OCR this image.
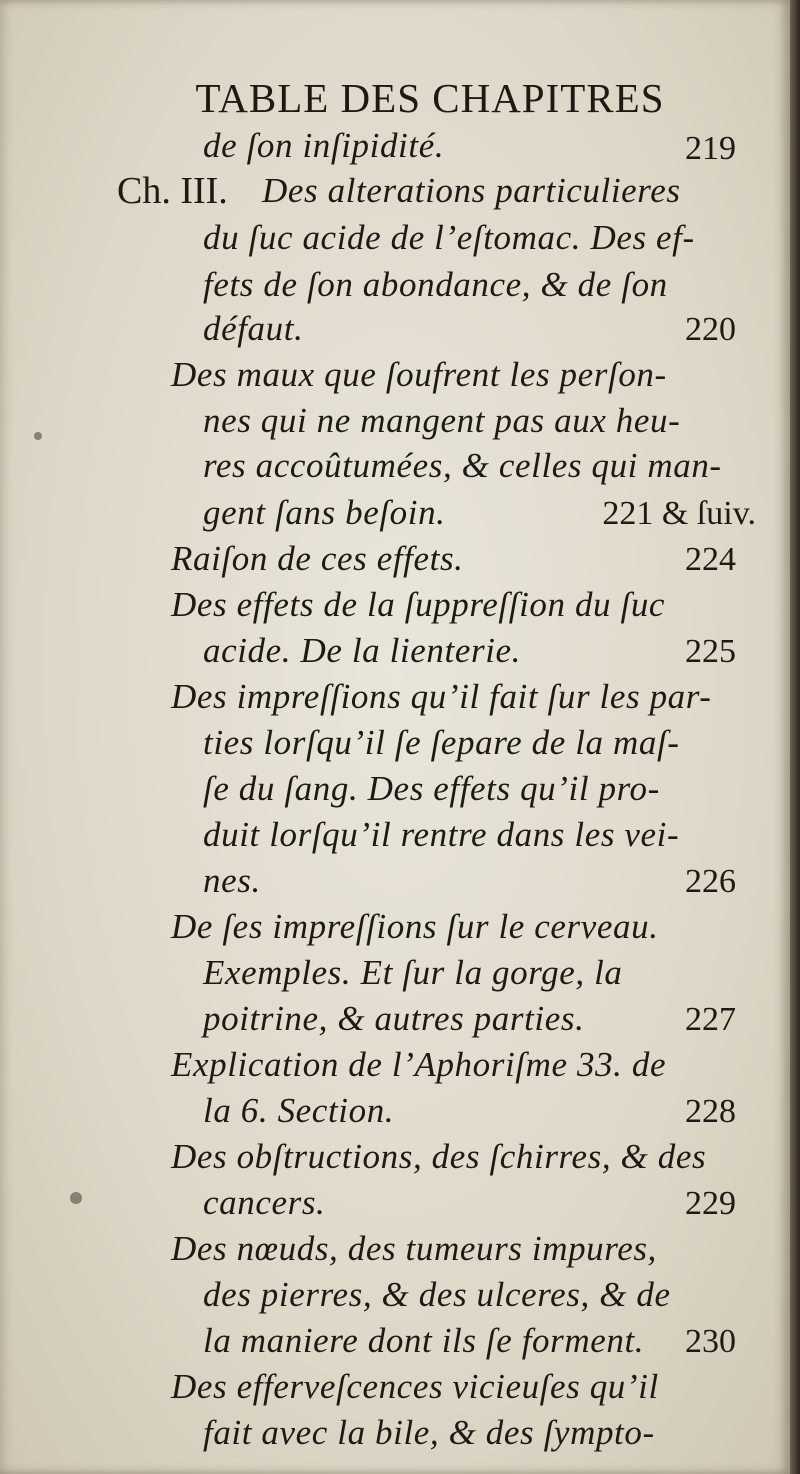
TABLE DES CHAPITRES
de ſon inſipidité.	219
Ch. III. Des alterations particulieres
du ſuc acide de l’eſtomac. Des ef-
fets de ſon abondance, & de ſon
défaut.	220
Des maux que ſoufrent les perſon-
nes qui ne mangent pas aux heu-
res accoûtumées, & celles qui man-
gent ſans beſoin.	221 & ſuiv.
Raiſon de ces effets.	224
Des effets de la ſuppreſſion du ſuc
acide. De la lienterie.	225
Des impreſſions qu’il fait ſur les par-
ties lorſqu’il ſe ſepare de la maſ-
ſe du ſang. Des effets qu’il pro-
duit lorſqu’il rentre dans les vei-
nes.	226
De ſes impreſſions ſur le cerveau.
Exemples. Et ſur la gorge, la
poitrine, & autres parties.	227
Explication de l’Aphoriſme 33. de
la 6. Section.	228
Des obſtructions, des ſchirres, & des
cancers.	229
Des nœuds, des tumeurs impures,
des pierres, & des ulceres, & de
la maniere dont ils ſe forment. 230
Des efferveſcences vicieuſes qu’il
fait avec la bile, & des ſympto-
